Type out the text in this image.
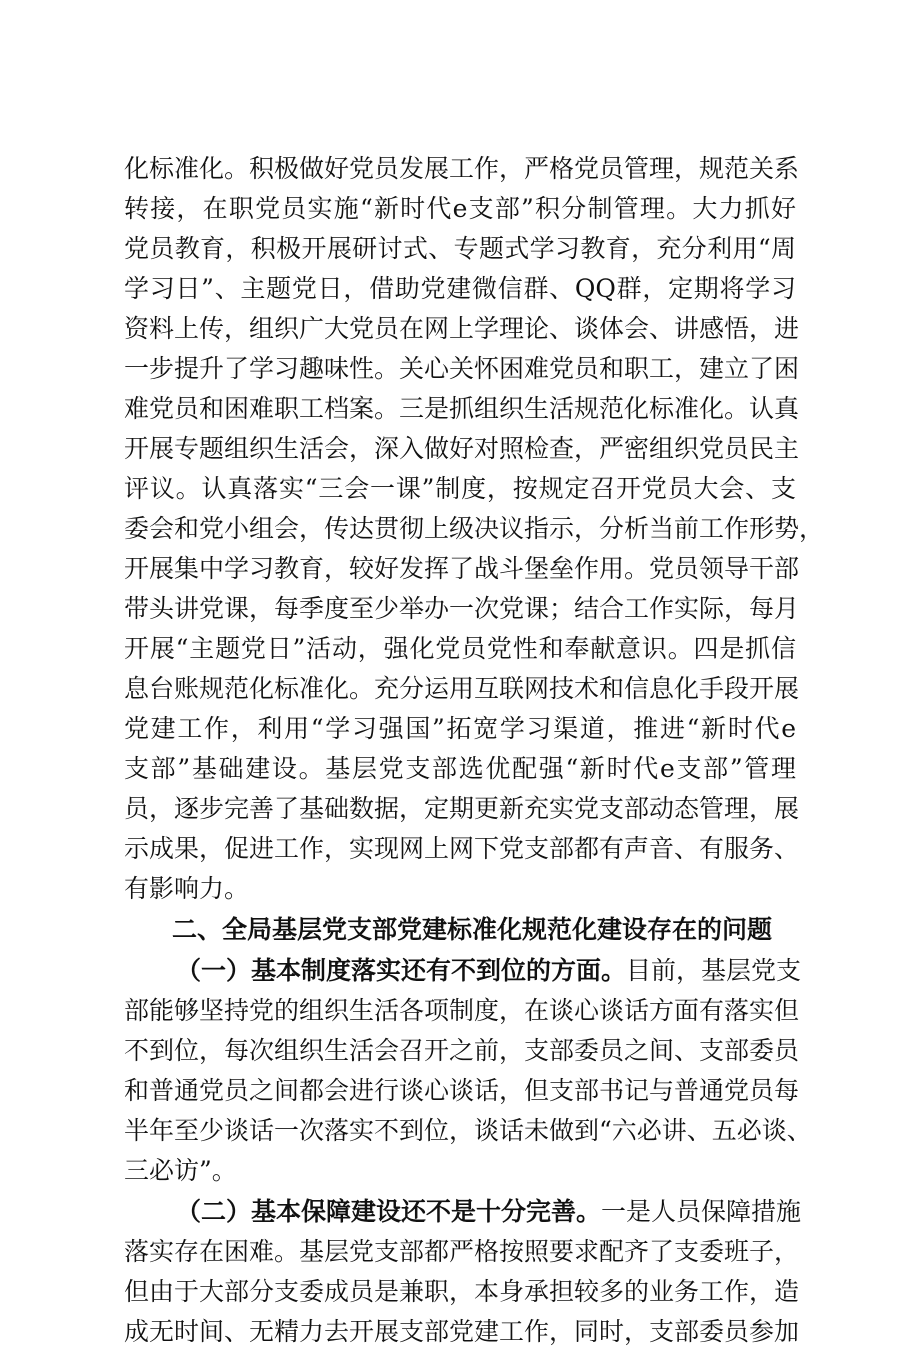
化标准化。积极做好党员发展工作，严格党员管理，规范关系
转接，在职党员实施“新时代e支部”积分制管理。大力抓好
党员教育，积极开展研讨式、专题式学习教育，充分利用“周
学习日”、主题党日，借助党建微信群、QQ群，定期将学习
资料上传，组织广大党员在网上学理论、谈体会、讲感悟，进
一步提升了学习趣味性。关心关怀困难党员和职工，建立了困
难党员和困难职工档案。三是抓组织生活规范化标准化。认真
开展专题组织生活会，深入做好对照检查，严密组织党员民主
评议。认真落实“三会一课”制度，按规定召开党员大会、支
委会和党小组会，传达贯彻上级决议指示，分析当前工作形势，
开展集中学习教育，较好发挥了战斗堡垒作用。党员领导干部
带头讲党课，每季度至少举办一次党课；结合工作实际，每月
开展“主题党日”活动，强化党员党性和奉献意识。四是抓信
息台账规范化标准化。充分运用互联网技术和信息化手段开展
党建工作，利用“学习强国”拓宽学习渠道，推进“新时代e
支部”基础建设。基层党支部选优配强“新时代e支部”管理
员，逐步完善了基础数据，定期更新充实党支部动态管理，展
示成果，促进工作，实现网上网下党支部都有声音、有服务、
有影响力。
二、全局基层党支部党建标准化规范化建设存在的问题
（一）基本制度落实还有不到位的方面。目前，基层党支
部能够坚持党的组织生活各项制度，在谈心谈话方面有落实但
不到位，每次组织生活会召开之前，支部委员之间、支部委员
和普通党员之间都会进行谈心谈话，但支部书记与普通党员每
半年至少谈话一次落实不到位，谈话未做到“六必讲、五必谈、
三必访”。
（二）基本保障建设还不是十分完善。一是人员保障措施
落实存在困难。基层党支部都严格按照要求配齐了支委班子，
但由于大部分支委成员是兼职，本身承担较多的业务工作，造
成无时间、无精力去开展支部党建工作，同时，支部委员参加
